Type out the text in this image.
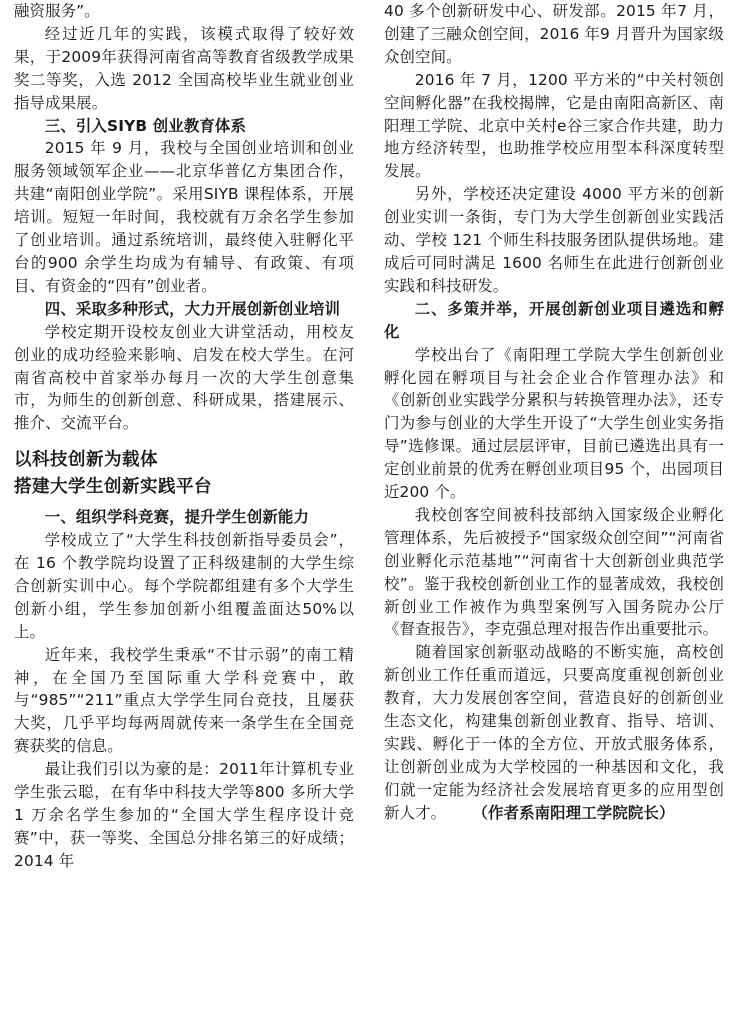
融资服务”。

经过近几年的实践，该模式取得了较好效果，于2009年获得河南省高等教育省级教学成果奖二等奖，入选 2012 全国高校毕业生就业创业指导成果展。

三、引入SIYB 创业教育体系

2015 年 9 月，我校与全国创业培训和创业服务领域领军企业——北京华普亿方集团合作，共建“南阳创业学院”。采用SIYB 课程体系，开展培训。短短一年时间，我校就有万余名学生参加了创业培训。通过系统培训，最终使入驻孵化平台的900 余学生均成为有辅导、有政策、有项目、有资金的“四有”创业者。

四、采取多种形式，大力开展创新创业培训

学校定期开设校友创业大讲堂活动，用校友创业的成功经验来影响、启发在校大学生。在河南省高校中首家举办每月一次的大学生创意集市，为师生的创新创意、科研成果，搭建展示、推介、交流平台。

以科技创新为载体

搭建大学生创新实践平台

一、组织学科竞赛，提升学生创新能力

学校成立了“大学生科技创新指导委员会”，在 16 个教学院均设置了正科级建制的大学生综合创新实训中心。每个学院都组建有多个大学生创新小组，学生参加创新小组覆盖面达50%以上。

近年来，我校学生秉承“不甘示弱”的南工精神，在全国乃至国际重大学科竞赛中，敢与“985”“211”重点大学学生同台竞技，且屡获大奖，几乎平均每两周就传来一条学生在全国竞赛获奖的信息。

最让我们引以为豪的是：2011年计算机专业学生张云聪，在有华中科技大学等800 多所大学1 万余名学生参加的“全国大学生程序设计竞赛”中，获一等奖、全国总分排名第三的好成绩；2014 年

40 多个创新研发中心、研发部。2015 年7 月，创建了三融众创空间，2016 年9 月晋升为国家级众创空间。

2016 年 7 月，1200 平方米的“中关村领创空间孵化器”在我校揭牌，它是由南阳高新区、南阳理工学院、北京中关村e谷三家合作共建，助力地方经济转型，也助推学校应用型本科深度转型发展。

另外，学校还决定建设 4000 平方米的创新创业实训一条街，专门为大学生创新创业实践活动、学校 121 个师生科技服务团队提供场地。建成后可同时满足 1600 名师生在此进行创新创业实践和科技研发。

二、多策并举，开展创新创业项目遴选和孵化

学校出台了《南阳理工学院大学生创新创业孵化园在孵项目与社会企业合作管理办法》和《创新创业实践学分累积与转换管理办法》，还专门为参与创业的大学生开设了“大学生创业实务指导”选修课。通过层层评审，目前已遴选出具有一定创业前景的优秀在孵创业项目95 个，出园项目近200 个。

我校创客空间被科技部纳入国家级企业孵化管理体系，先后被授予“国家级众创空间”“河南省创业孵化示范基地”“河南省十大创新创业典范学校”。鉴于我校创新创业工作的显著成效，我校创新创业工作被作为典型案例写入国务院办公厅《督查报告》，李克强总理对报告作出重要批示。

随着国家创新驱动战略的不断实施，高校创新创业工作任重而道远，只要高度重视创新创业教育，大力发展创客空间，营造良好的创新创业生态文化，构建集创新创业教育、指导、培训、实践、孵化于一体的全方位、开放式服务体系，让创新创业成为大学校园的一种基因和文化，我们就一定能为经济社会发展培育更多的应用型创新人才。 （作者系南阳理工学院院长）
